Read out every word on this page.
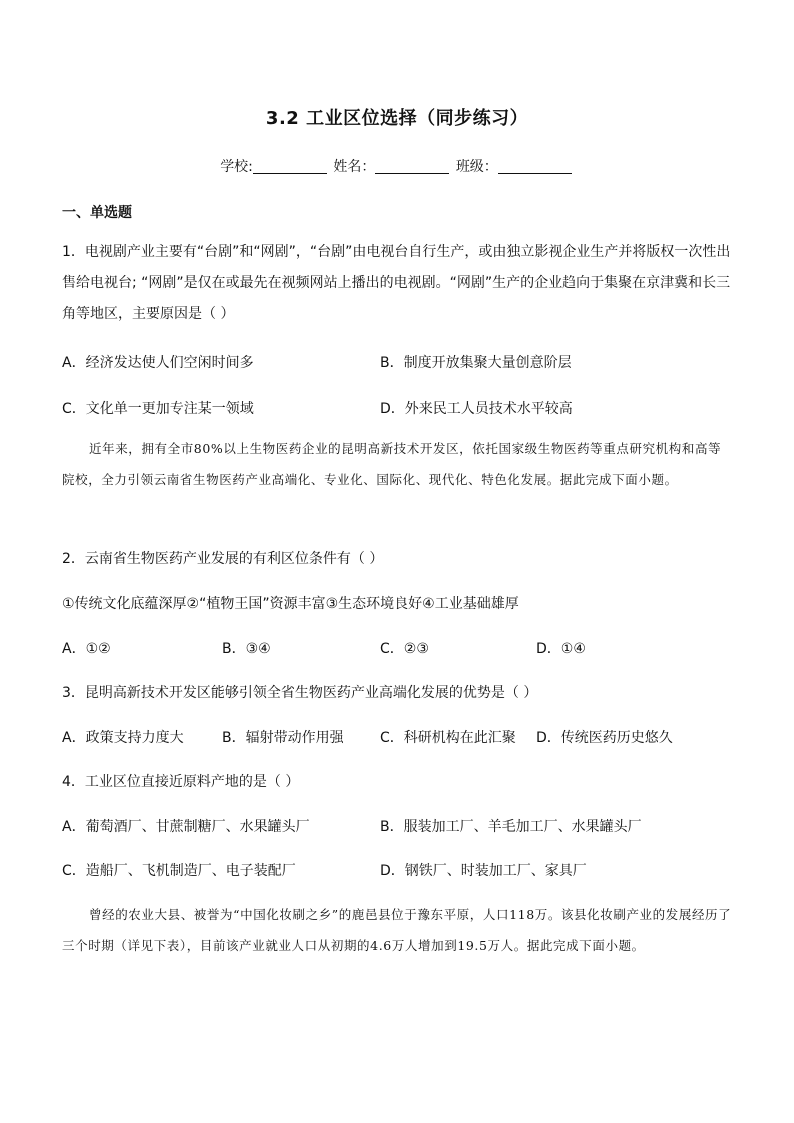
3.2 工业区位选择（同步练习）
学校:	姓名：	班级：
一、单选题
1．电视剧产业主要有“台剧”和“网剧”，“台剧”由电视台自行生产，或由独立影视企业生产并将版权一次性出售给电视台; “网剧”是仅在或最先在视频网站上播出的电视剧。“网剧”生产的企业趋向于集聚在京津冀和长三角等地区，主要原因是（ ）
A．经济发达使人们空闲时间多	B．制度开放集聚大量创意阶层
C．文化单一更加专注某一领域	D．外来民工人员技术水平较高
近年来，拥有全市80%以上生物医药企业的昆明高新技术开发区，依托国家级生物医药等重点研究机构和高等院校，全力引领云南省生物医药产业高端化、专业化、国际化、现代化、特色化发展。据此完成下面小题。
2．云南省生物医药产业发展的有利区位条件有（ ）
①传统文化底蕴深厚②“植物王国”资源丰富③生态环境良好④工业基础雄厚
A．①②	B．③④	C．②③	D．①④
3．昆明高新技术开发区能够引领全省生物医药产业高端化发展的优势是（ ）
A．政策支持力度大	B．辐射带动作用强	C．科研机构在此汇聚 D．传统医药历史悠久
4．工业区位直接近原料产地的是（ ）
A．葡萄酒厂、甘蔗制糖厂、水果罐头厂	B．服装加工厂、羊毛加工厂、水果罐头厂
C．造船厂、飞机制造厂、电子装配厂	D．钢铁厂、时装加工厂、家具厂
曾经的农业大县、被誉为“中国化妆刷之乡”的鹿邑县位于豫东平原，人口118万。该县化妆刷产业的发展经历了三个时期（详见下表），目前该产业就业人口从初期的4.6万人增加到19.5万人。据此完成下面小题。
